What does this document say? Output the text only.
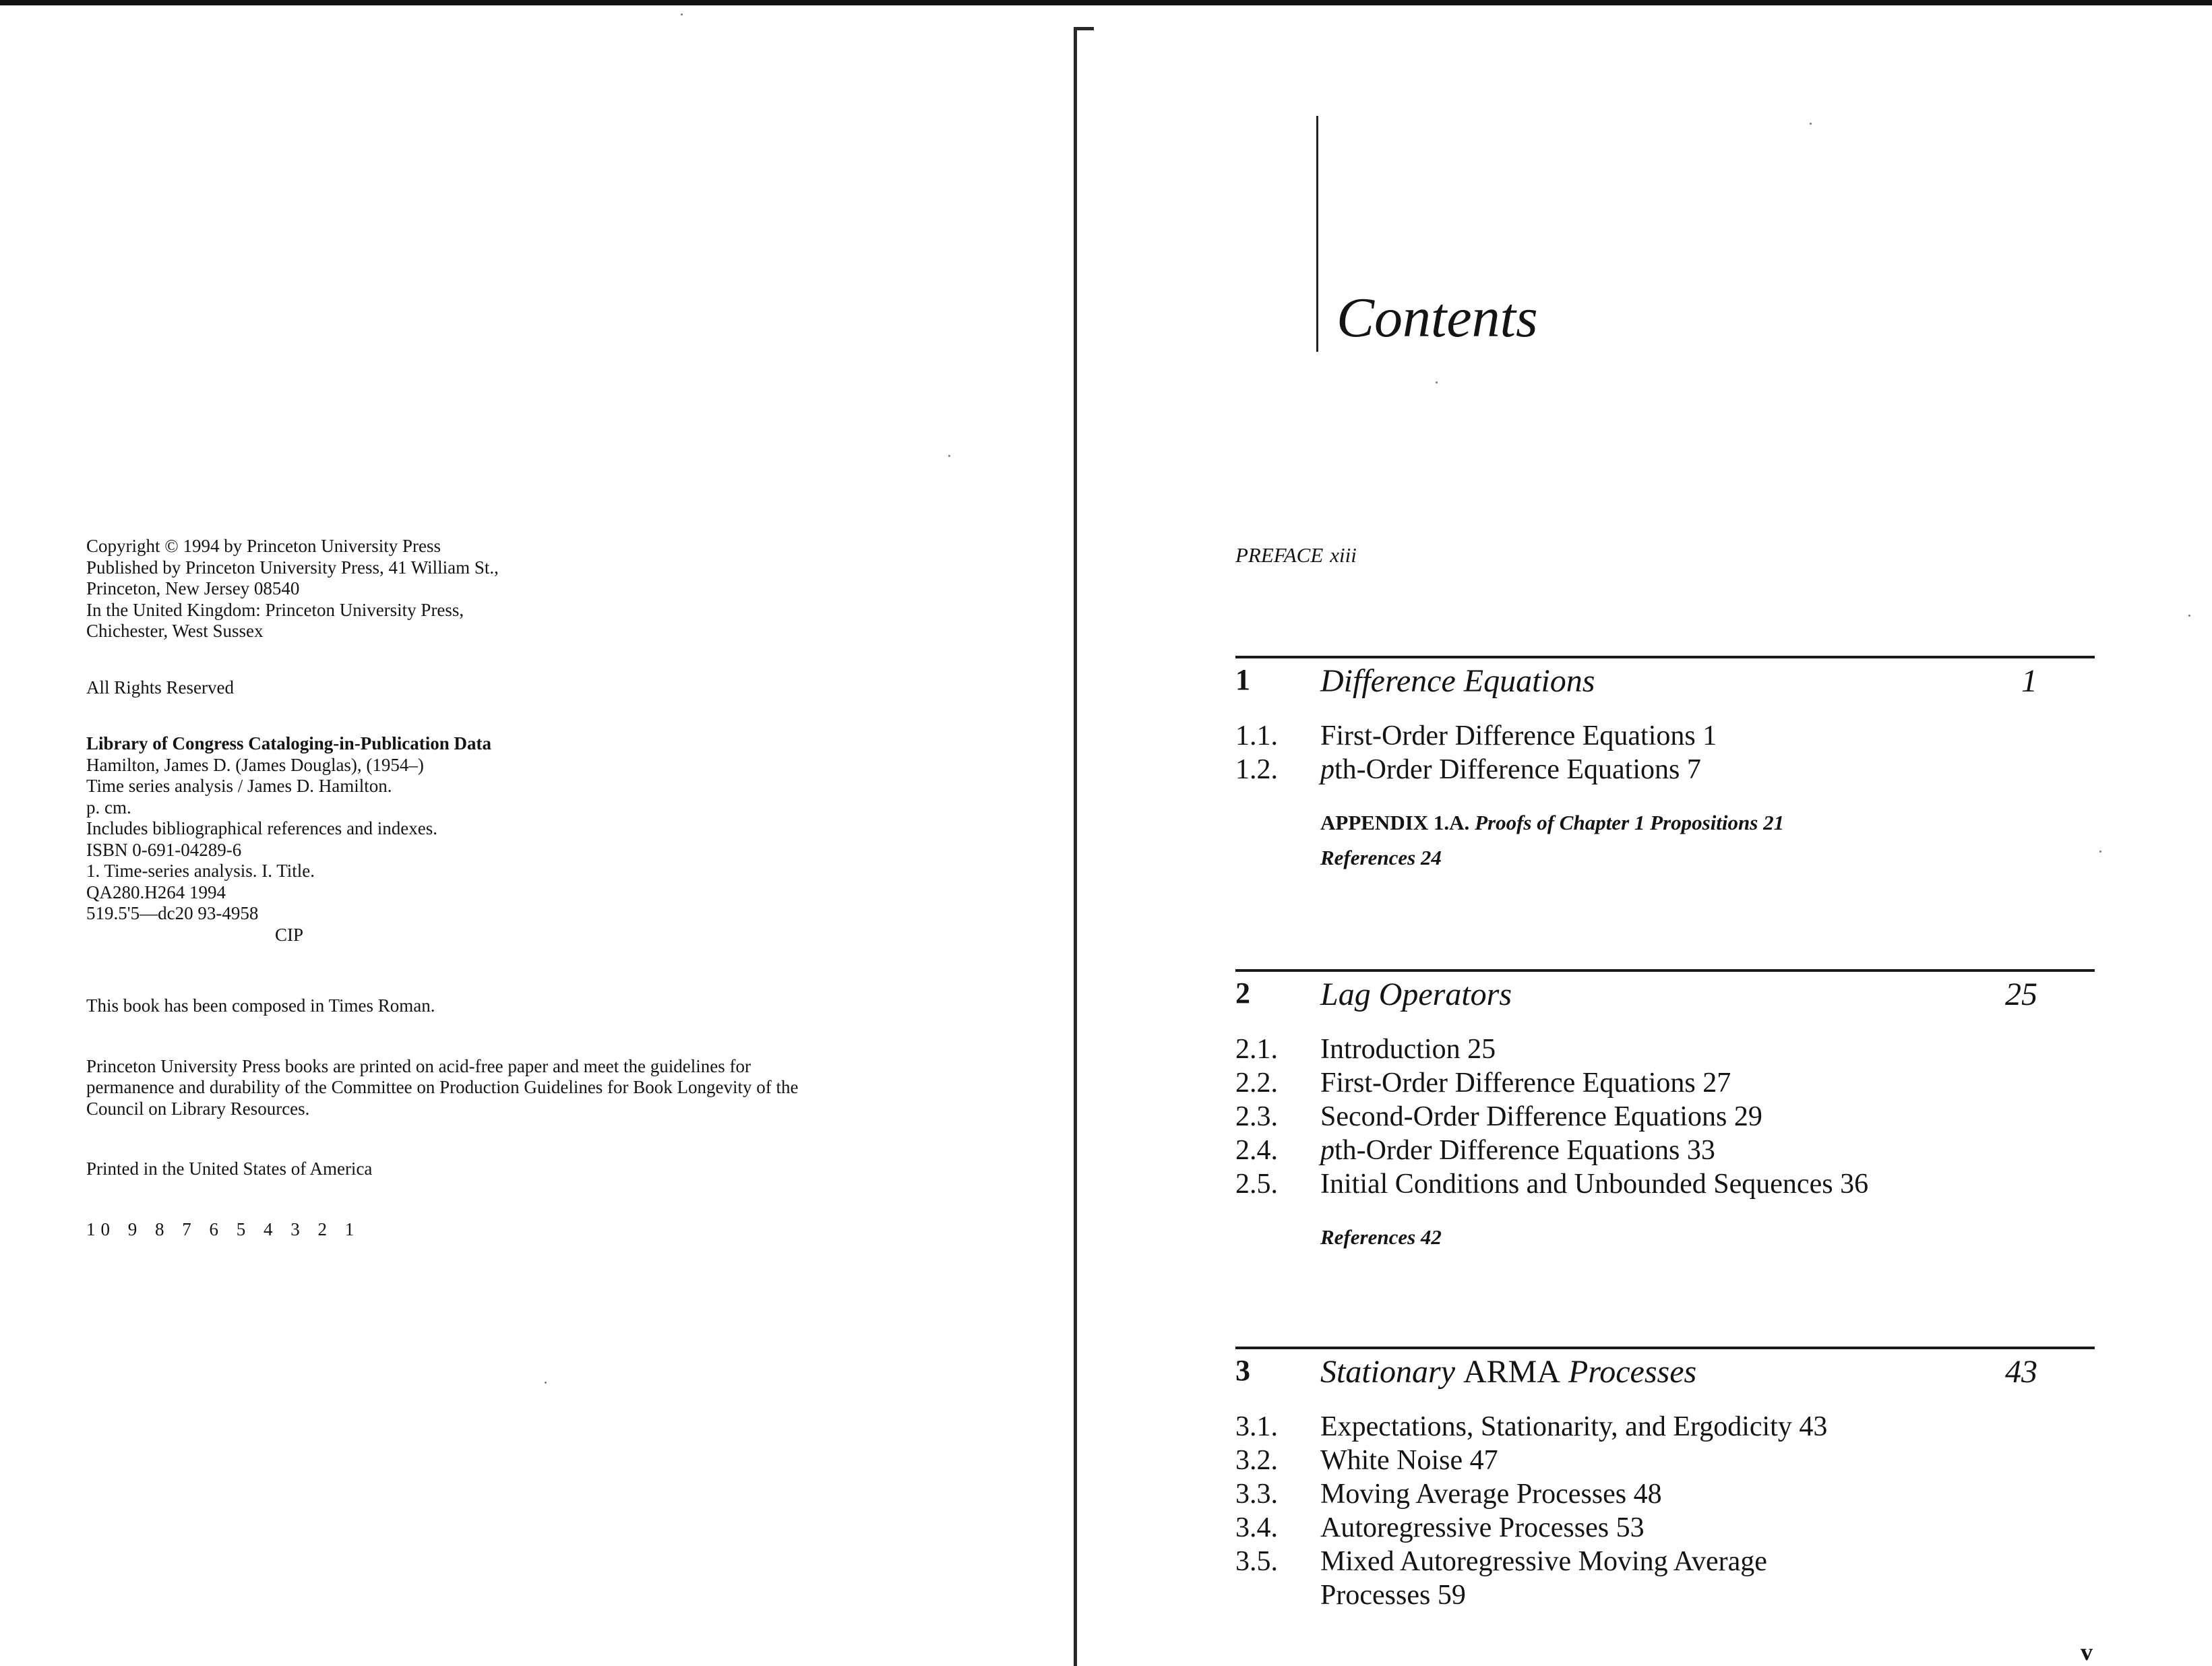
Copyright © 1994 by Princeton University Press
Published by Princeton University Press, 41 William St.,
Princeton, New Jersey 08540
In the United Kingdom: Princeton University Press,
Chichester, West Sussex
All Rights Reserved
Library of Congress Cataloging-in-Publication Data
Hamilton, James D. (James Douglas), (1954–)
Time series analysis / James D. Hamilton.
p. cm.
Includes bibliographical references and indexes.
ISBN 0-691-04289-6
1. Time-series analysis. I. Title.
QA280.H264 1994
519.5'5—dc20 93-4958
CIP
This book has been composed in Times Roman.
Princeton University Press books are printed on acid-free paper and meet the guidelines for
permanence and durability of the Committee on Production Guidelines for Book Longevity of the
Council on Library Resources.
Printed in the United States of America
10 9 8 7 6 5 4 3 2 1
Contents
PREFACE xiii
1 Difference Equations	1
1.1. First-Order Difference Equations 1
1.2. pth-Order Difference Equations 7
APPENDIX 1.A. Proofs of Chapter 1 Propositions 21
References 24
2 Lag Operators	25
2.1. Introduction 25
2.2. First-Order Difference Equations 27
2.3. Second-Order Difference Equations 29
2.4. pth-Order Difference Equations 33
2.5. Initial Conditions and Unbounded Sequences 36
References 42
3 Stationary ARMA Processes	43
3.1. Expectations, Stationarity, and Ergodicity 43
3.2. White Noise 47
3.3. Moving Average Processes 48
3.4. Autoregressive Processes 53
3.5. Mixed Autoregressive Moving Average
Processes 59
v
